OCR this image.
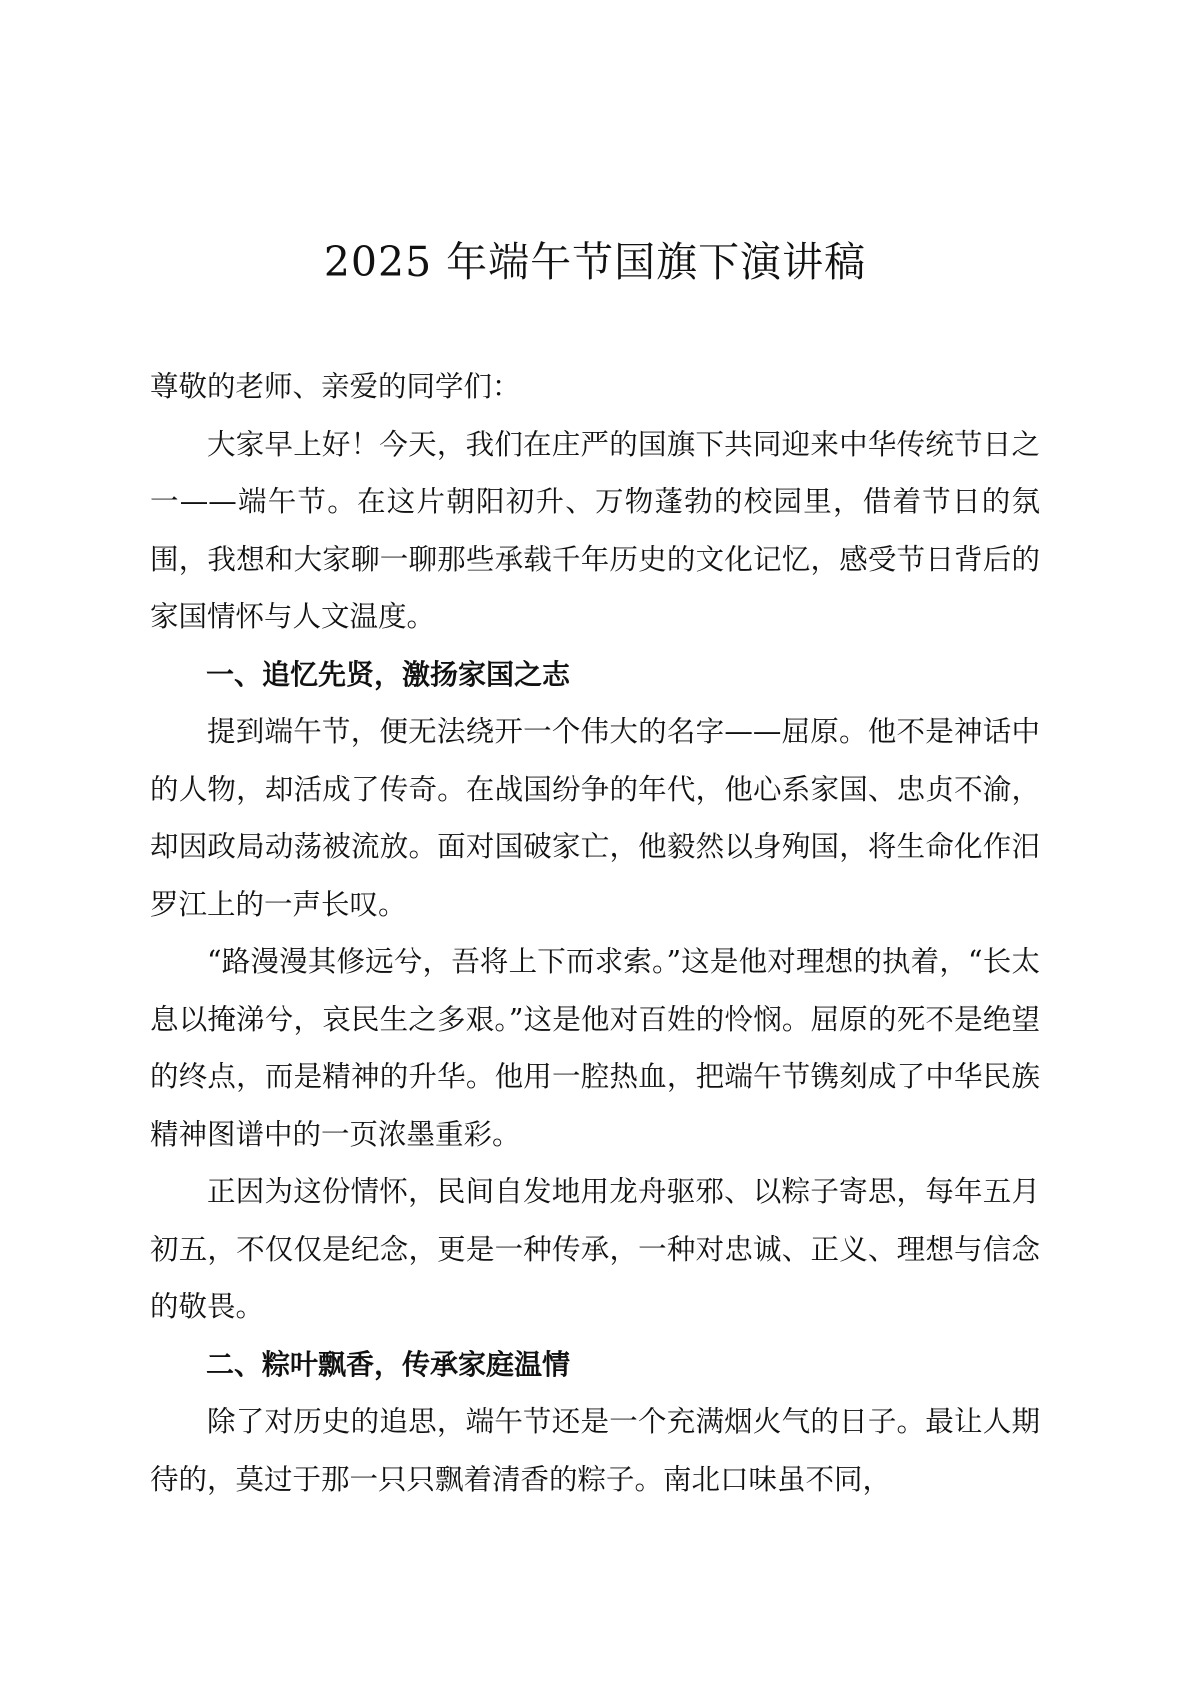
2025 年端午节国旗下演讲稿

尊敬的老师、亲爱的同学们：

大家早上好！今天，我们在庄严的国旗下共同迎来中华传统节日之一——端午节。在这片朝阳初升、万物蓬勃的校园里，借着节日的氛围，我想和大家聊一聊那些承载千年历史的文化记忆，感受节日背后的家国情怀与人文温度。

一、追忆先贤，激扬家国之志

提到端午节，便无法绕开一个伟大的名字——屈原。他不是神话中的人物，却活成了传奇。在战国纷争的年代，他心系家国、忠贞不渝，却因政局动荡被流放。面对国破家亡，他毅然以身殉国，将生命化作汨罗江上的一声长叹。

“路漫漫其修远兮，吾将上下而求索。”这是他对理想的执着，“长太息以掩涕兮，哀民生之多艰。”这是他对百姓的怜悯。屈原的死不是绝望的终点，而是精神的升华。他用一腔热血，把端午节镌刻成了中华民族精神图谱中的一页浓墨重彩。

正因为这份情怀，民间自发地用龙舟驱邪、以粽子寄思，每年五月初五，不仅仅是纪念，更是一种传承，一种对忠诚、正义、理想与信念的敬畏。

二、粽叶飘香，传承家庭温情

除了对历史的追思，端午节还是一个充满烟火气的日子。最让人期待的，莫过于那一只只飘着清香的粽子。南北口味虽不同，
